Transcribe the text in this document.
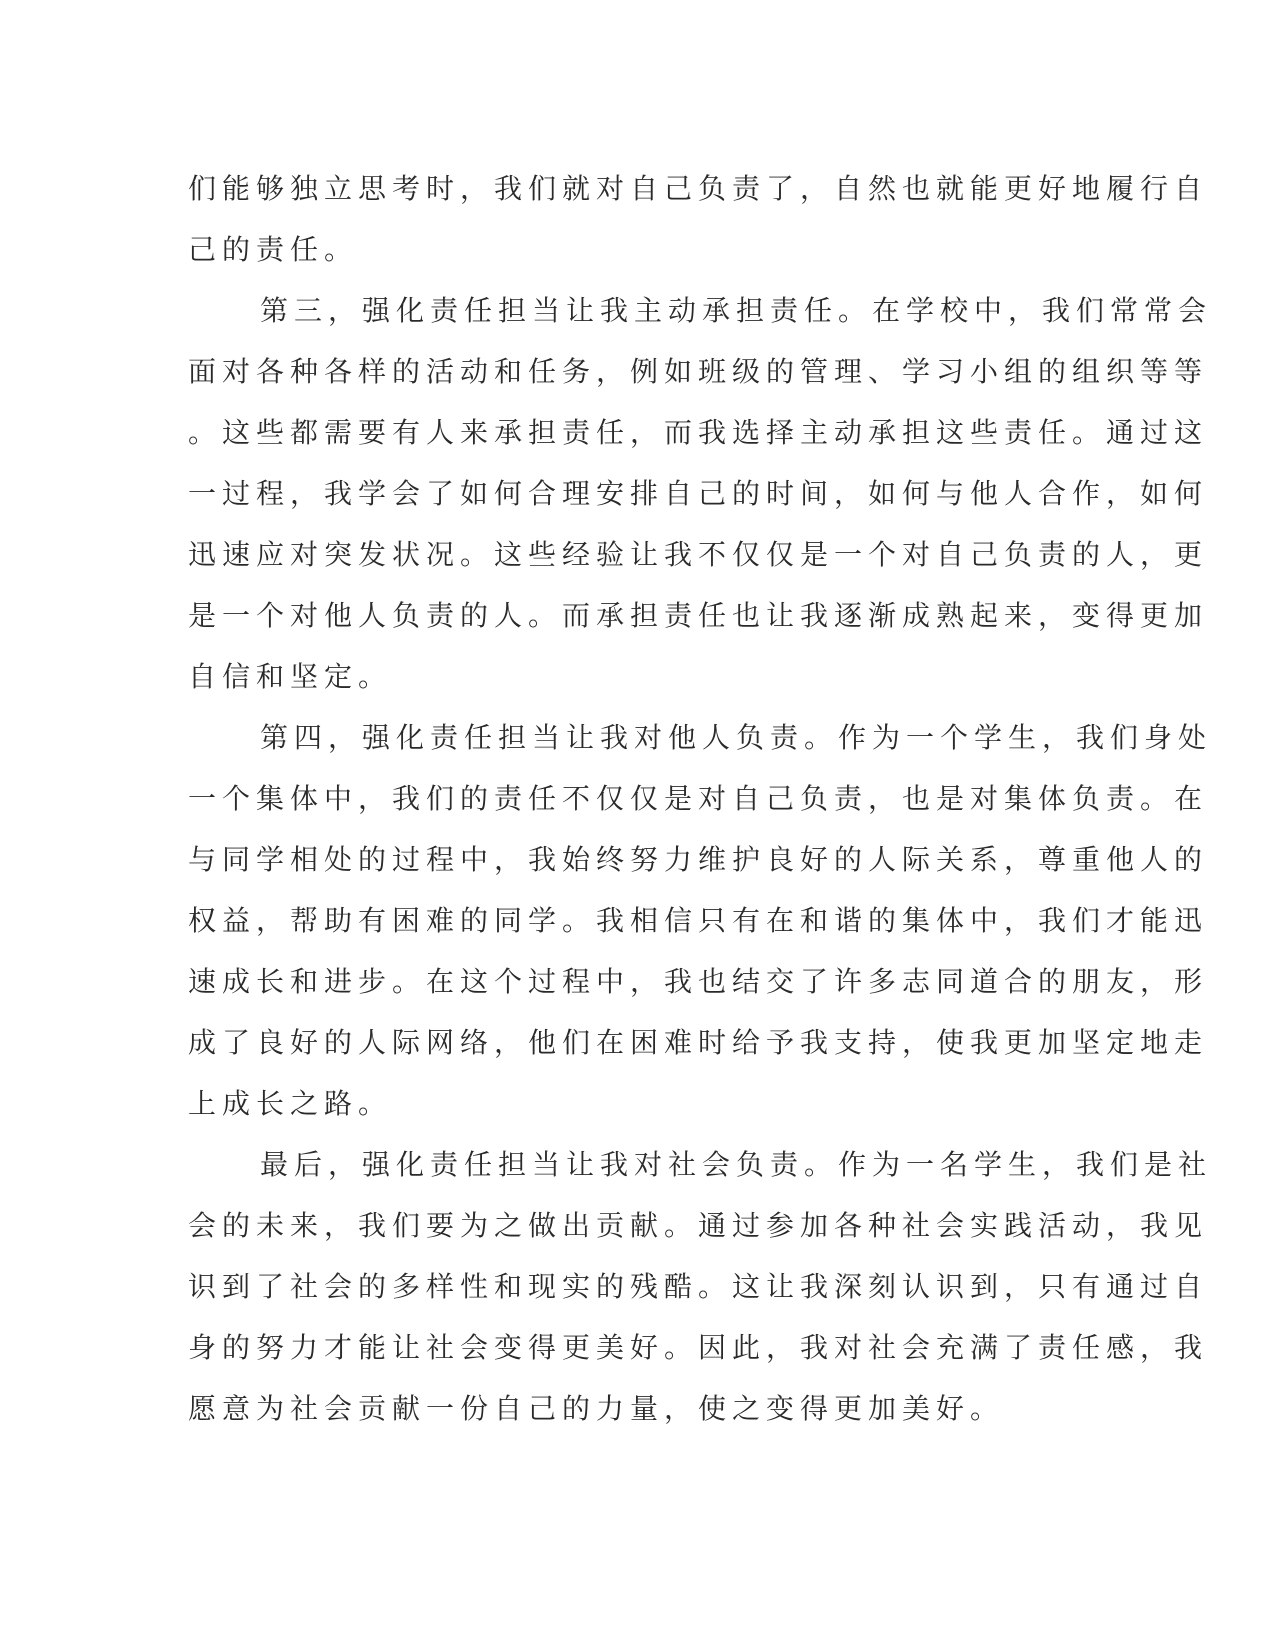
们能够独立思考时，我们就对自己负责了，自然也就能更好地履行自
己的责任。
第三，强化责任担当让我主动承担责任。在学校中，我们常常会
面对各种各样的活动和任务，例如班级的管理、学习小组的组织等等
。这些都需要有人来承担责任，而我选择主动承担这些责任。通过这
一过程，我学会了如何合理安排自己的时间，如何与他人合作，如何
迅速应对突发状况。这些经验让我不仅仅是一个对自己负责的人，更
是一个对他人负责的人。而承担责任也让我逐渐成熟起来，变得更加
自信和坚定。
第四，强化责任担当让我对他人负责。作为一个学生，我们身处
一个集体中，我们的责任不仅仅是对自己负责，也是对集体负责。在
与同学相处的过程中，我始终努力维护良好的人际关系，尊重他人的
权益，帮助有困难的同学。我相信只有在和谐的集体中，我们才能迅
速成长和进步。在这个过程中，我也结交了许多志同道合的朋友，形
成了良好的人际网络，他们在困难时给予我支持，使我更加坚定地走
上成长之路。
最后，强化责任担当让我对社会负责。作为一名学生，我们是社
会的未来，我们要为之做出贡献。通过参加各种社会实践活动，我见
识到了社会的多样性和现实的残酷。这让我深刻认识到，只有通过自
身的努力才能让社会变得更美好。因此，我对社会充满了责任感，我
愿意为社会贡献一份自己的力量，使之变得更加美好。
